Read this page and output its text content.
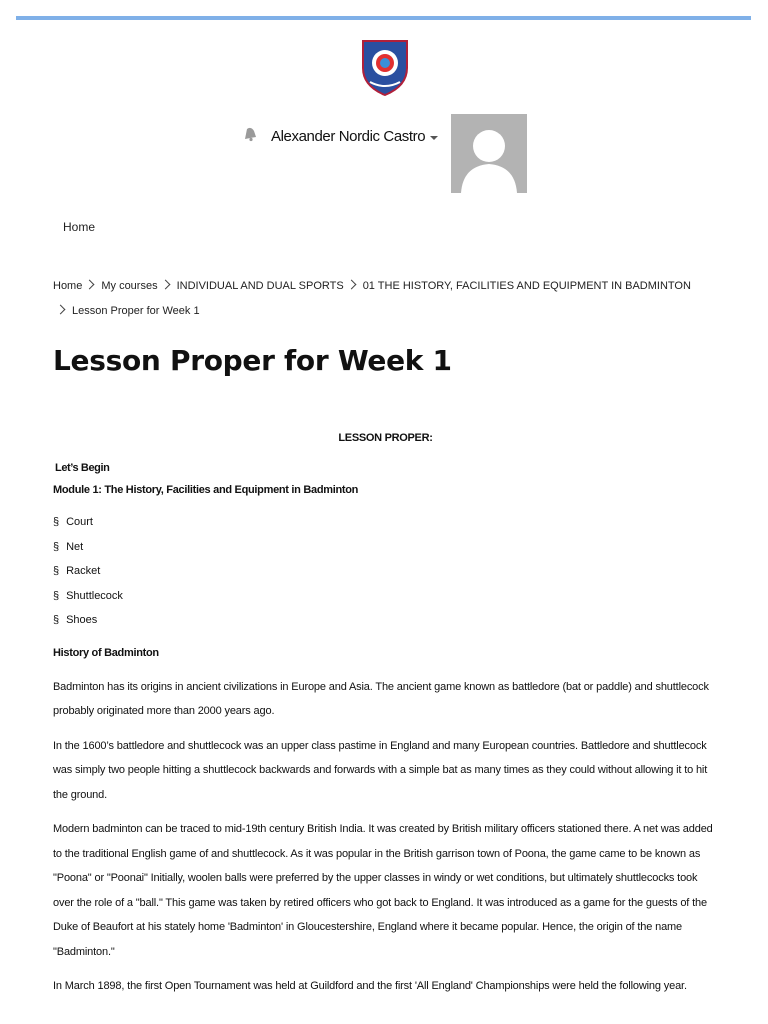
Alexander Nordic Castro
Home
Home My courses INDIVIDUAL AND DUAL SPORTS 01 THE HISTORY, FACILITIES AND EQUIPMENT IN BADMINTONLesson Proper for Week 1
Lesson Proper for Week 1
LESSON PROPER:
Let’s Begin
Module 1: The History, Facilities and Equipment in Badminton
§ Court
§ Net
§ Racket
§ Shuttlecock
§ Shoes
History of Badminton

Badminton has its origins in ancient civilizations in Europe and Asia. The ancient game known as battledore (bat or paddle) and shuttlecock probably originated more than 2000 years ago.

In the 1600’s battledore and shuttlecock was an upper class pastime in England and many European countries. Battledore and shuttlecock was simply two people hitting a shuttlecock backwards and forwards with a simple bat as many times as they could without allowing it to hit the ground.

Modern badminton can be traced to mid-19th century British India. It was created by British military officers stationed there. A net was added to the traditional English game of and shuttlecock. As it was popular in the British garrison town of Poona, the game came to be known as "Poona" or "Poonai" Initially, woolen balls were preferred by the upper classes in windy or wet conditions, but ultimately shuttlecocks took over the role of a "ball." This game was taken by retired officers who got back to England. It was introduced as a game for the guests of the Duke of Beaufort at his stately home 'Badminton' in Gloucestershire, England where it became popular. Hence, the origin of the name "Badminton."

In March 1898, the first Open Tournament was held at Guildford and the first 'All England' Championships were held the following year.
